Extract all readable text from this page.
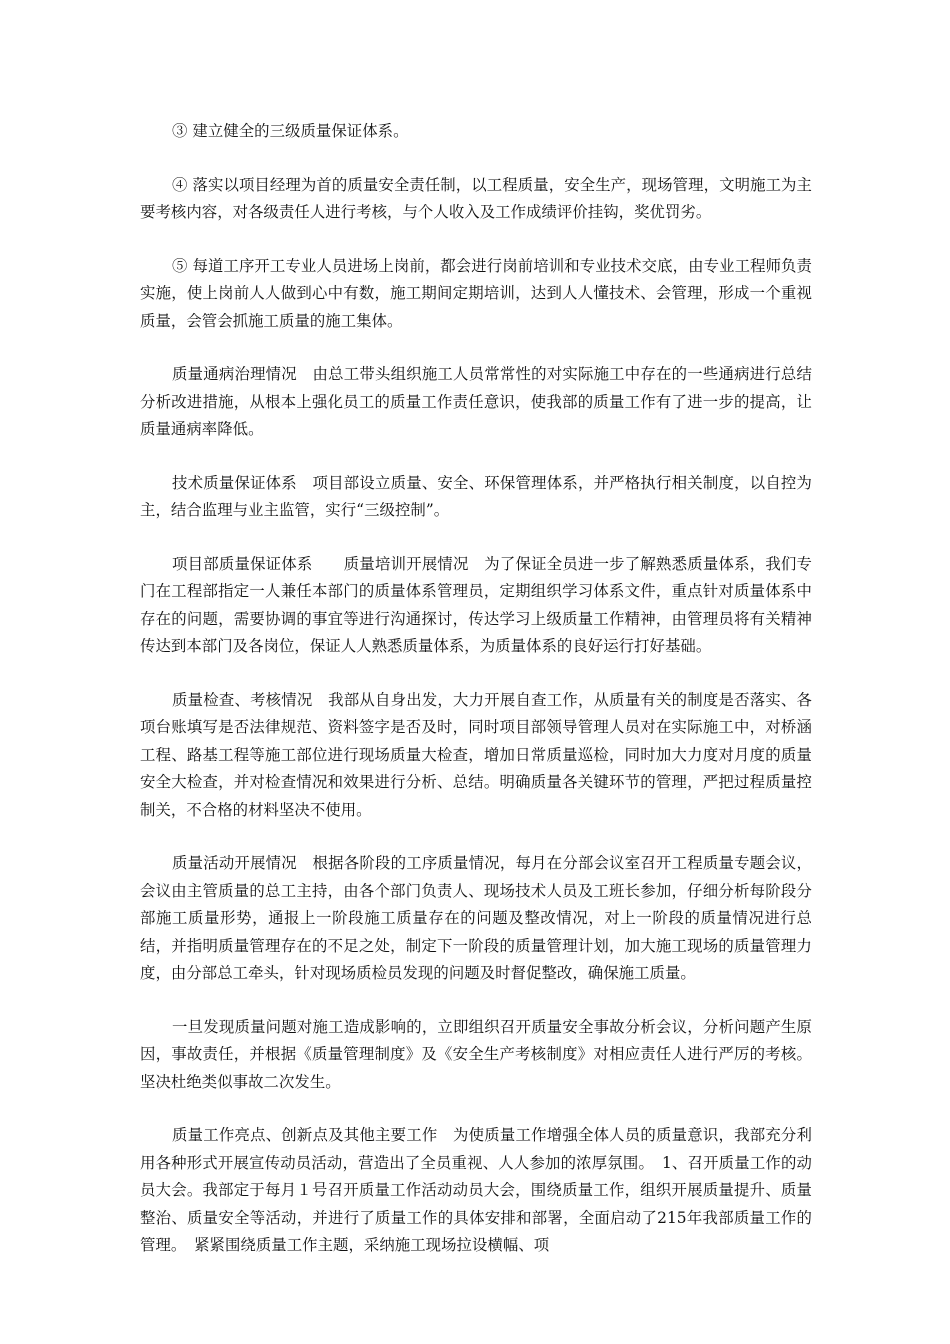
③ 建立健全的三级质量保证体系。

④ 落实以项目经理为首的质量安全责任制，以工程质量，安全生产，现场管理，文明施工为主要考核内容，对各级责任人进行考核，与个人收入及工作成绩评价挂钩，奖优罚劣。

⑤ 每道工序开工专业人员进场上岗前，都会进行岗前培训和专业技术交底，由专业工程师负责实施，使上岗前人人做到心中有数，施工期间定期培训，达到人人懂技术、会管理，形成一个重视质量，会管会抓施工质量的施工集体。

质量通病治理情况　由总工带头组织施工人员常常性的对实际施工中存在的一些通病进行总结分析改进措施，从根本上强化员工的质量工作责任意识，使我部的质量工作有了进一步的提高，让质量通病率降低。

技术质量保证体系　项目部设立质量、安全、环保管理体系，并严格执行相关制度，以自控为主，结合监理与业主监管，实行“三级控制”。

项目部质量保证体系　　质量培训开展情况　为了保证全员进一步了解熟悉质量体系，我们专门在工程部指定一人兼任本部门的质量体系管理员，定期组织学习体系文件，重点针对质量体系中存在的问题，需要协调的事宜等进行沟通探讨，传达学习上级质量工作精神，由管理员将有关精神传达到本部门及各岗位，保证人人熟悉质量体系，为质量体系的良好运行打好基础。

质量检查、考核情况　我部从自身出发，大力开展自查工作，从质量有关的制度是否落实、各项台账填写是否法律规范、资料签字是否及时，同时项目部领导管理人员对在实际施工中，对桥涵工程、路基工程等施工部位进行现场质量大检查，增加日常质量巡检，同时加大力度对月度的质量安全大检查，并对检查情况和效果进行分析、总结。明确质量各关键环节的管理，严把过程质量控制关，不合格的材料坚决不使用。

质量活动开展情况　根据各阶段的工序质量情况，每月在分部会议室召开工程质量专题会议，会议由主管质量的总工主持，由各个部门负责人、现场技术人员及工班长参加，仔细分析每阶段分部施工质量形势，通报上一阶段施工质量存在的问题及整改情况，对上一阶段的质量情况进行总结，并指明质量管理存在的不足之处，制定下一阶段的质量管理计划，加大施工现场的质量管理力度，由分部总工牵头，针对现场质检员发现的问题及时督促整改，确保施工质量。

一旦发现质量问题对施工造成影响的，立即组织召开质量安全事故分析会议，分析问题产生原因，事故责任，并根据《质量管理制度》及《安全生产考核制度》对相应责任人进行严厉的考核。坚决杜绝类似事故二次发生。

质量工作亮点、创新点及其他主要工作　为使质量工作增强全体人员的质量意识，我部充分利用各种形式开展宣传动员活动，营造出了全员重视、人人参加的浓厚氛围。　1、召开质量工作的动员大会。我部定于每月１号召开质量工作活动动员大会，围绕质量工作，组织开展质量提升、质量整治、质量安全等活动，并进行了质量工作的具体安排和部署，全面启动了215年我部质量工作的管理。　紧紧围绕质量工作主题，采纳施工现场拉设横幅、项
